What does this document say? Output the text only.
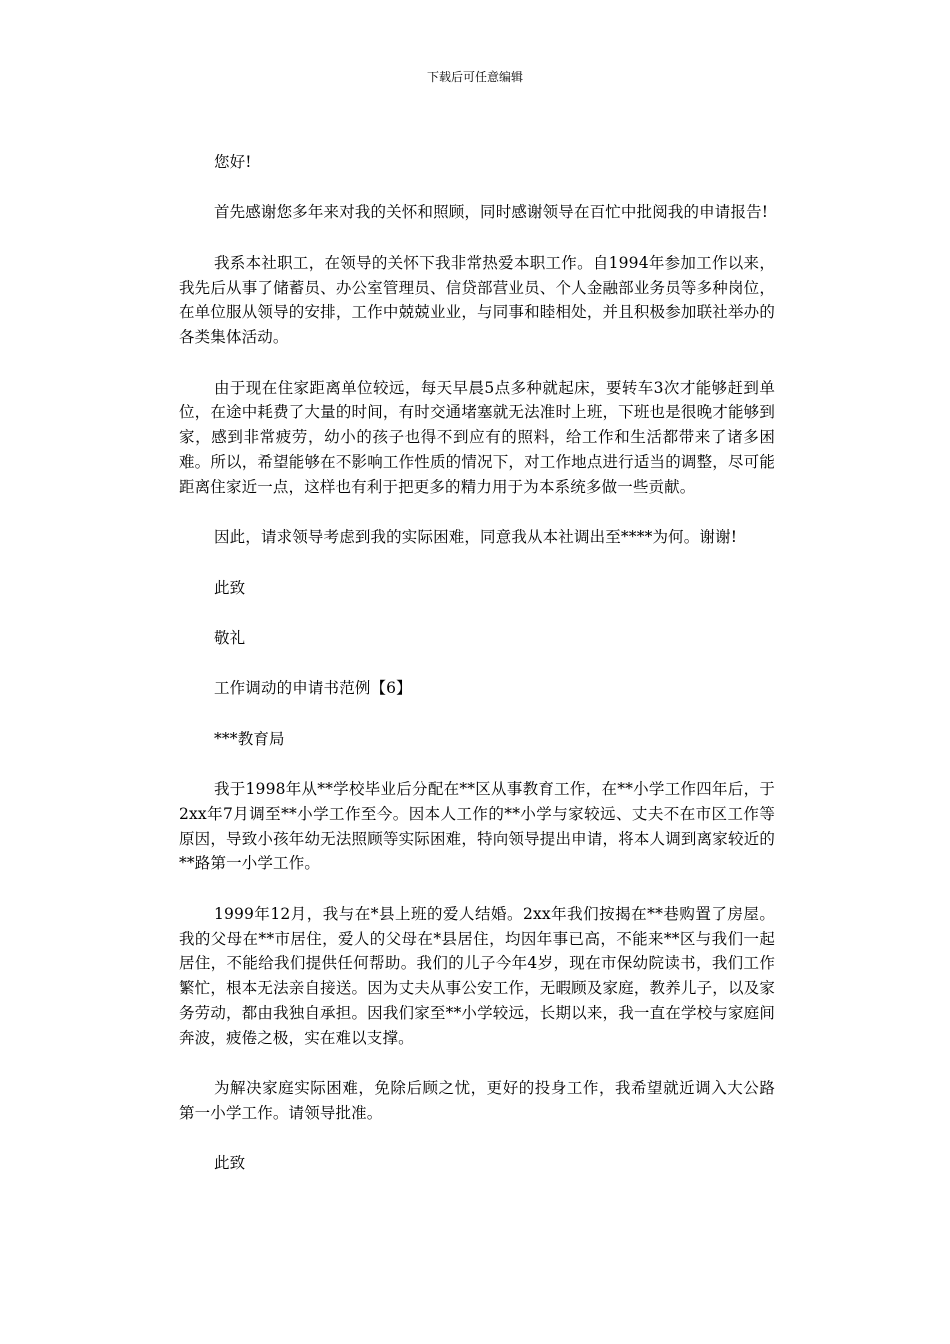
下载后可任意编辑

您好!

首先感谢您多年来对我的关怀和照顾，同时感谢领导在百忙中批阅我的申请报告!

我系本社职工，在领导的关怀下我非常热爱本职工作。自1994年参加工作以来，我先后从事了储蓄员、办公室管理员、信贷部营业员、个人金融部业务员等多种岗位，在单位服从领导的安排，工作中兢兢业业，与同事和睦相处，并且积极参加联社举办的各类集体活动。

由于现在住家距离单位较远，每天早晨5点多种就起床，要转车3次才能够赶到单位，在途中耗费了大量的时间，有时交通堵塞就无法准时上班，下班也是很晚才能够到家，感到非常疲劳，幼小的孩子也得不到应有的照料，给工作和生活都带来了诸多困难。所以，希望能够在不影响工作性质的情况下，对工作地点进行适当的调整，尽可能距离住家近一点，这样也有利于把更多的精力用于为本系统多做一些贡献。

因此，请求领导考虑到我的实际困难，同意我从本社调出至****为何。谢谢!

此致

敬礼

工作调动的申请书范例【6】

***教育局

我于1998年从**学校毕业后分配在**区从事教育工作，在**小学工作四年后，于2xx年7月调至**小学工作至今。因本人工作的**小学与家较远、丈夫不在市区工作等原因，导致小孩年幼无法照顾等实际困难，特向领导提出申请，将本人调到离家较近的**路第一小学工作。

1999年12月，我与在*县上班的爱人结婚。2xx年我们按揭在**巷购置了房屋。我的父母在**市居住，爱人的父母在*县居住，均因年事已高，不能来**区与我们一起居住，不能给我们提供任何帮助。我们的儿子今年4岁，现在市保幼院读书，我们工作繁忙，根本无法亲自接送。因为丈夫从事公安工作，无暇顾及家庭，教养儿子，以及家务劳动，都由我独自承担。因我们家至**小学较远，长期以来，我一直在学校与家庭间奔波，疲倦之极，实在难以支撑。

为解决家庭实际困难，免除后顾之忧，更好的投身工作，我希望就近调入大公路第一小学工作。请领导批准。

此致
